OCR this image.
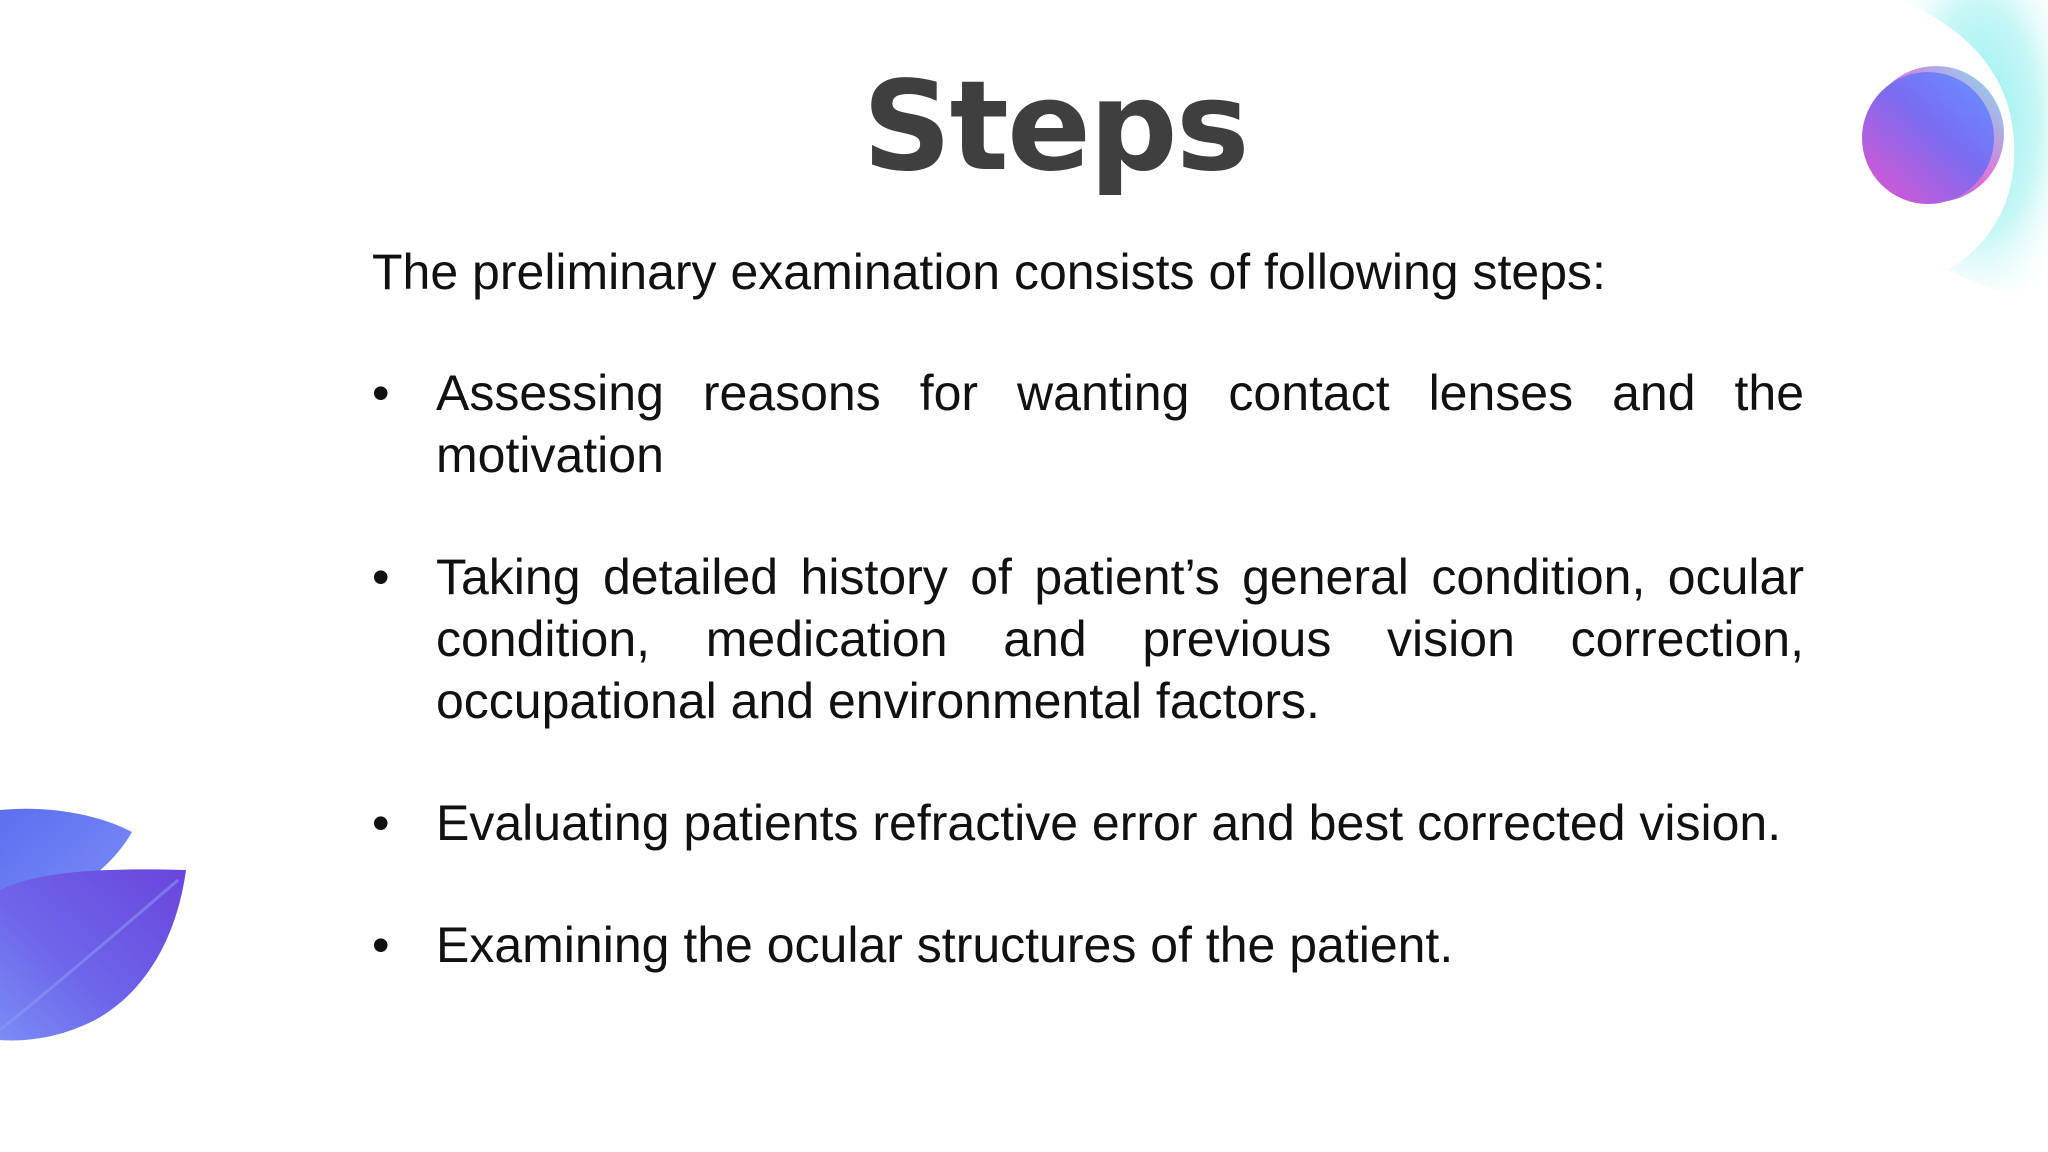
Steps

The preliminary examination consists of following steps:

• Assessing reasons for wanting contact lenses and the motivation
• Taking detailed history of patient’s general condition, ocular condition, medication and previous vision correction, occupational and environmental factors.
• Evaluating patients refractive error and best corrected vision.
• Examining the ocular structures of the patient.
